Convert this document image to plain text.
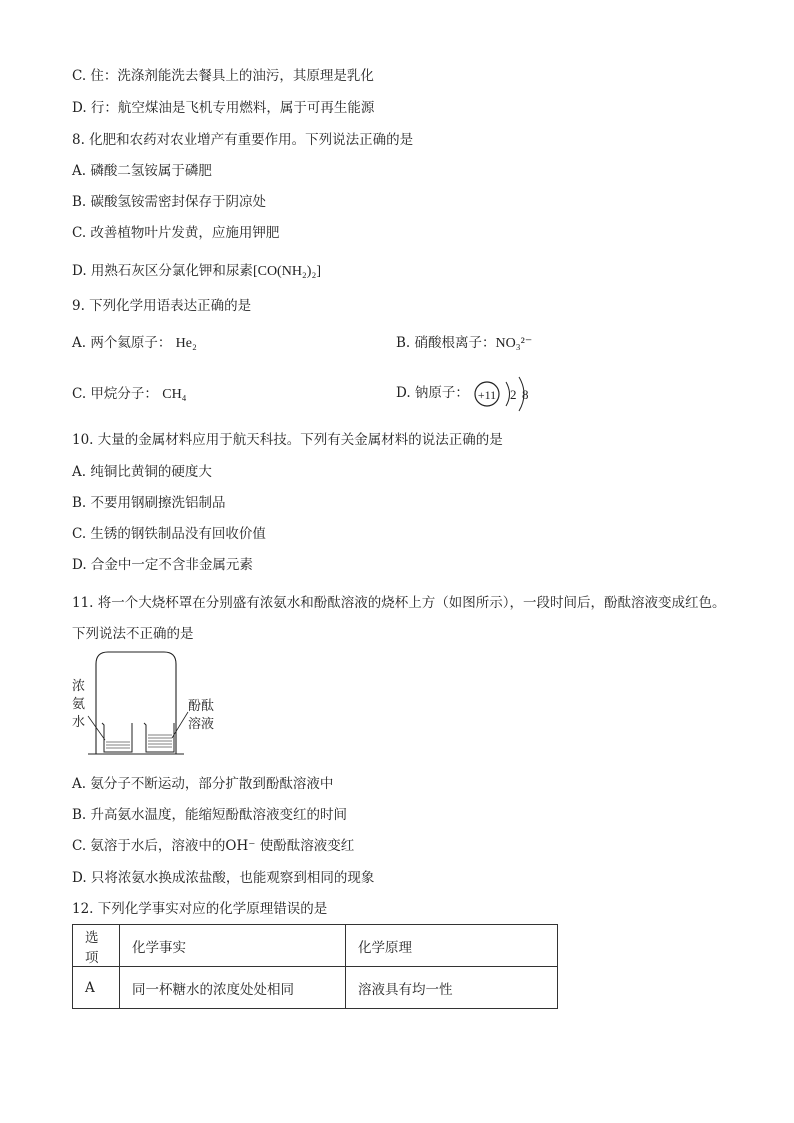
C. 住：洗涤剂能洗去餐具上的油污，其原理是乳化
D. 行：航空煤油是飞机专用燃料，属于可再生能源
8. 化肥和农药对农业增产有重要作用。下列说法正确的是
A. 磷酸二氢铵属于磷肥
B. 碳酸氢铵需密封保存于阴凉处
C. 改善植物叶片发黄，应施用钾肥
D. 用熟石灰区分氯化钾和尿素[CO(NH₂)₂]
9. 下列化学用语表达正确的是
A. 两个氦原子： He₂	B. 硝酸根离子：NO₃²⁻
C. 甲烷分子： CH₄	D. 钠原子： +11 2 8
10. 大量的金属材料应用于航天科技。下列有关金属材料的说法正确的是
A. 纯铜比黄铜的硬度大
B. 不要用钢刷擦洗铝制品
C. 生锈的钢铁制品没有回收价值
D. 合金中一定不含非金属元素
11. 将一个大烧杯罩在分别盛有浓氨水和酚酞溶液的烧杯上方（如图所示），一段时间后，酚酞溶液变成红色。下列说法不正确的是
浓氨水
酚酞
溶液
A. 氨分子不断运动，部分扩散到酚酞溶液中
B. 升高氨水温度，能缩短酚酞溶液变红的时间
C. 氨溶于水后，溶液中的OH⁻ 使酚酞溶液变红
D. 只将浓氨水换成浓盐酸，也能观察到相同的现象
12. 下列化学事实对应的化学原理错误的是
选项	化学事实	化学原理
A	同一杯糖水的浓度处处相同	溶液具有均一性
